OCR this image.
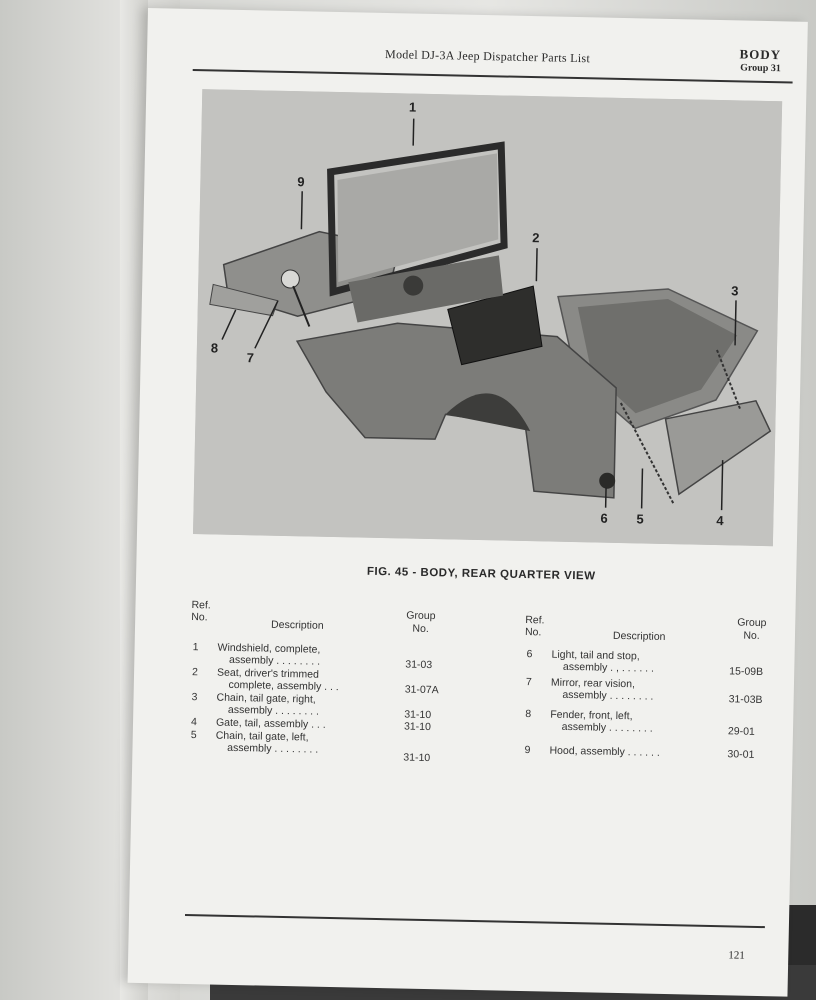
Model DJ-3A Jeep Dispatcher Parts List	BODY
Group 31
1
2
3
4
5
6
7
8
9
FIG. 45 - BODY, REAR QUARTER VIEW
Ref.
No.
Description
Group
No.
1	Windshield, complete,
assembly . . . . . . . .	31-03
2	Seat, driver's trimmed
complete, assembly . . .	31-07A
3	Chain, tail gate, right,
assembly . . . . . . . .	31-10
4	Gate, tail, assembly . . .	31-10
5	Chain, tail gate, left,
assembly . . . . . . . .
31-10
Ref.
No.	Description
Group
No.
6	Light, tail and stop,
assembly . , . . . . . .	15-09B
7	Mirror, rear vision,
assembly . . . . . . . .	31-03B
8	Fender, front, left,
assembly . . . . . . . .	29-01
9	Hood, assembly . . . . . .	30-01
121
